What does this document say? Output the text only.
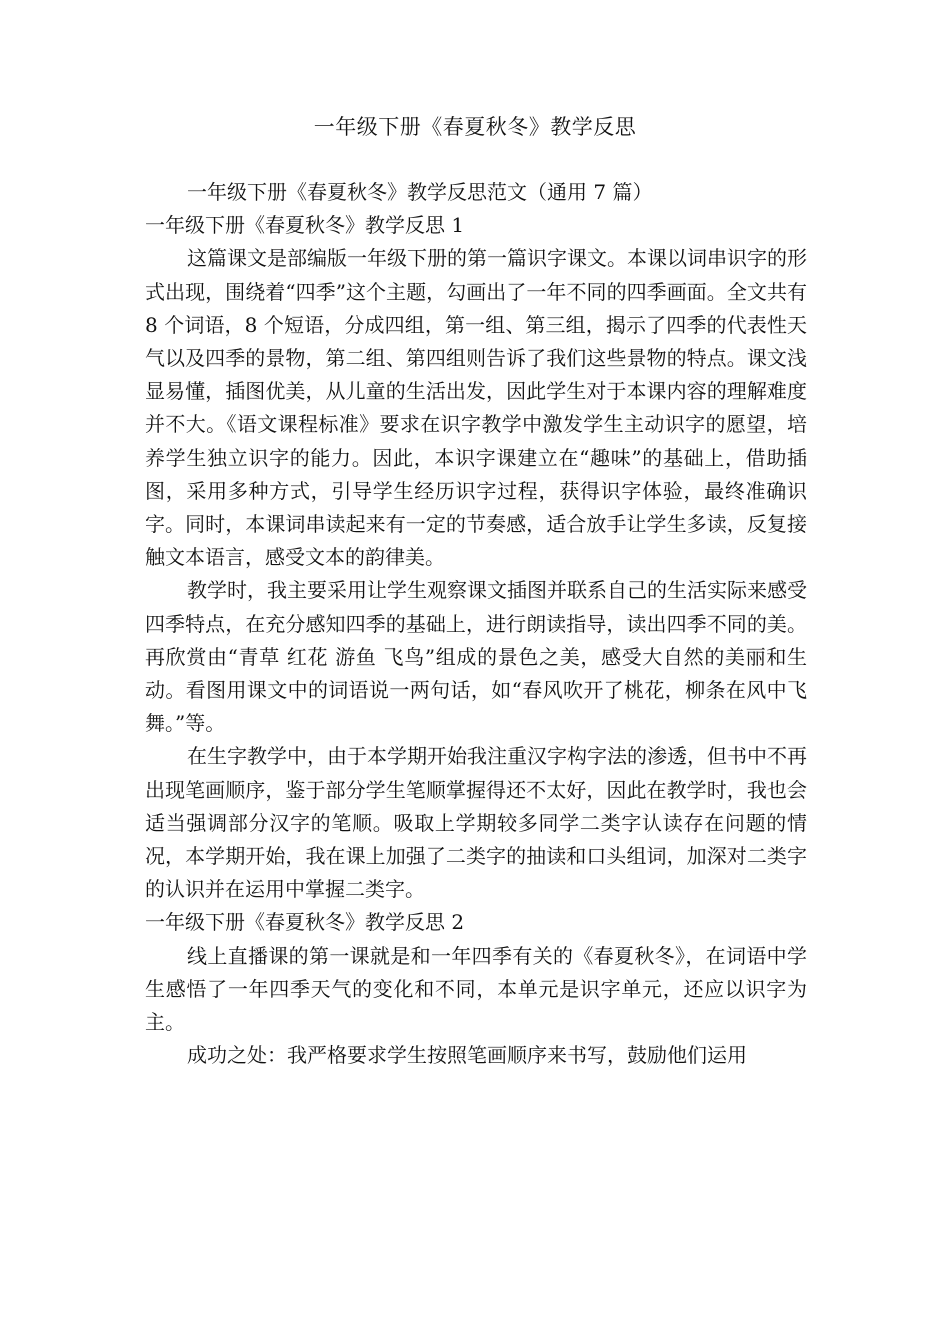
一年级下册《春夏秋冬》教学反思

一年级下册《春夏秋冬》教学反思范文（通用 7 篇）

一年级下册《春夏秋冬》教学反思 1

这篇课文是部编版一年级下册的第一篇识字课文。本课以词串识字的形式出现，围绕着“四季”这个主题，勾画出了一年不同的四季画面。全文共有 8 个词语，8 个短语，分成四组，第一组、第三组，揭示了四季的代表性天气以及四季的景物，第二组、第四组则告诉了我们这些景物的特点。课文浅显易懂，插图优美，从儿童的生活出发，因此学生对于本课内容的理解难度并不大。《语文课程标准》要求在识字教学中激发学生主动识字的愿望，培养学生独立识字的能力。因此，本识字课建立在“趣味”的基础上，借助插图，采用多种方式，引导学生经历识字过程，获得识字体验，最终准确识字。同时，本课词串读起来有一定的节奏感，适合放手让学生多读，反复接触文本语言，感受文本的韵律美。

教学时，我主要采用让学生观察课文插图并联系自己的生活实际来感受四季特点，在充分感知四季的基础上，进行朗读指导，读出四季不同的美。再欣赏由“青草 红花 游鱼 飞鸟”组成的景色之美，感受大自然的美丽和生动。看图用课文中的词语说一两句话，如“春风吹开了桃花，柳条在风中飞舞。”等。

在生字教学中，由于本学期开始我注重汉字构字法的渗透，但书中不再出现笔画顺序，鉴于部分学生笔顺掌握得还不太好，因此在教学时，我也会适当强调部分汉字的笔顺。吸取上学期较多同学二类字认读存在问题的情况，本学期开始，我在课上加强了二类字的抽读和口头组词，加深对二类字的认识并在运用中掌握二类字。

一年级下册《春夏秋冬》教学反思 2

线上直播课的第一课就是和一年四季有关的《春夏秋冬》，在词语中学生感悟了一年四季天气的变化和不同，本单元是识字单元，还应以识字为主。

成功之处：我严格要求学生按照笔画顺序来书写，鼓励他们运用
